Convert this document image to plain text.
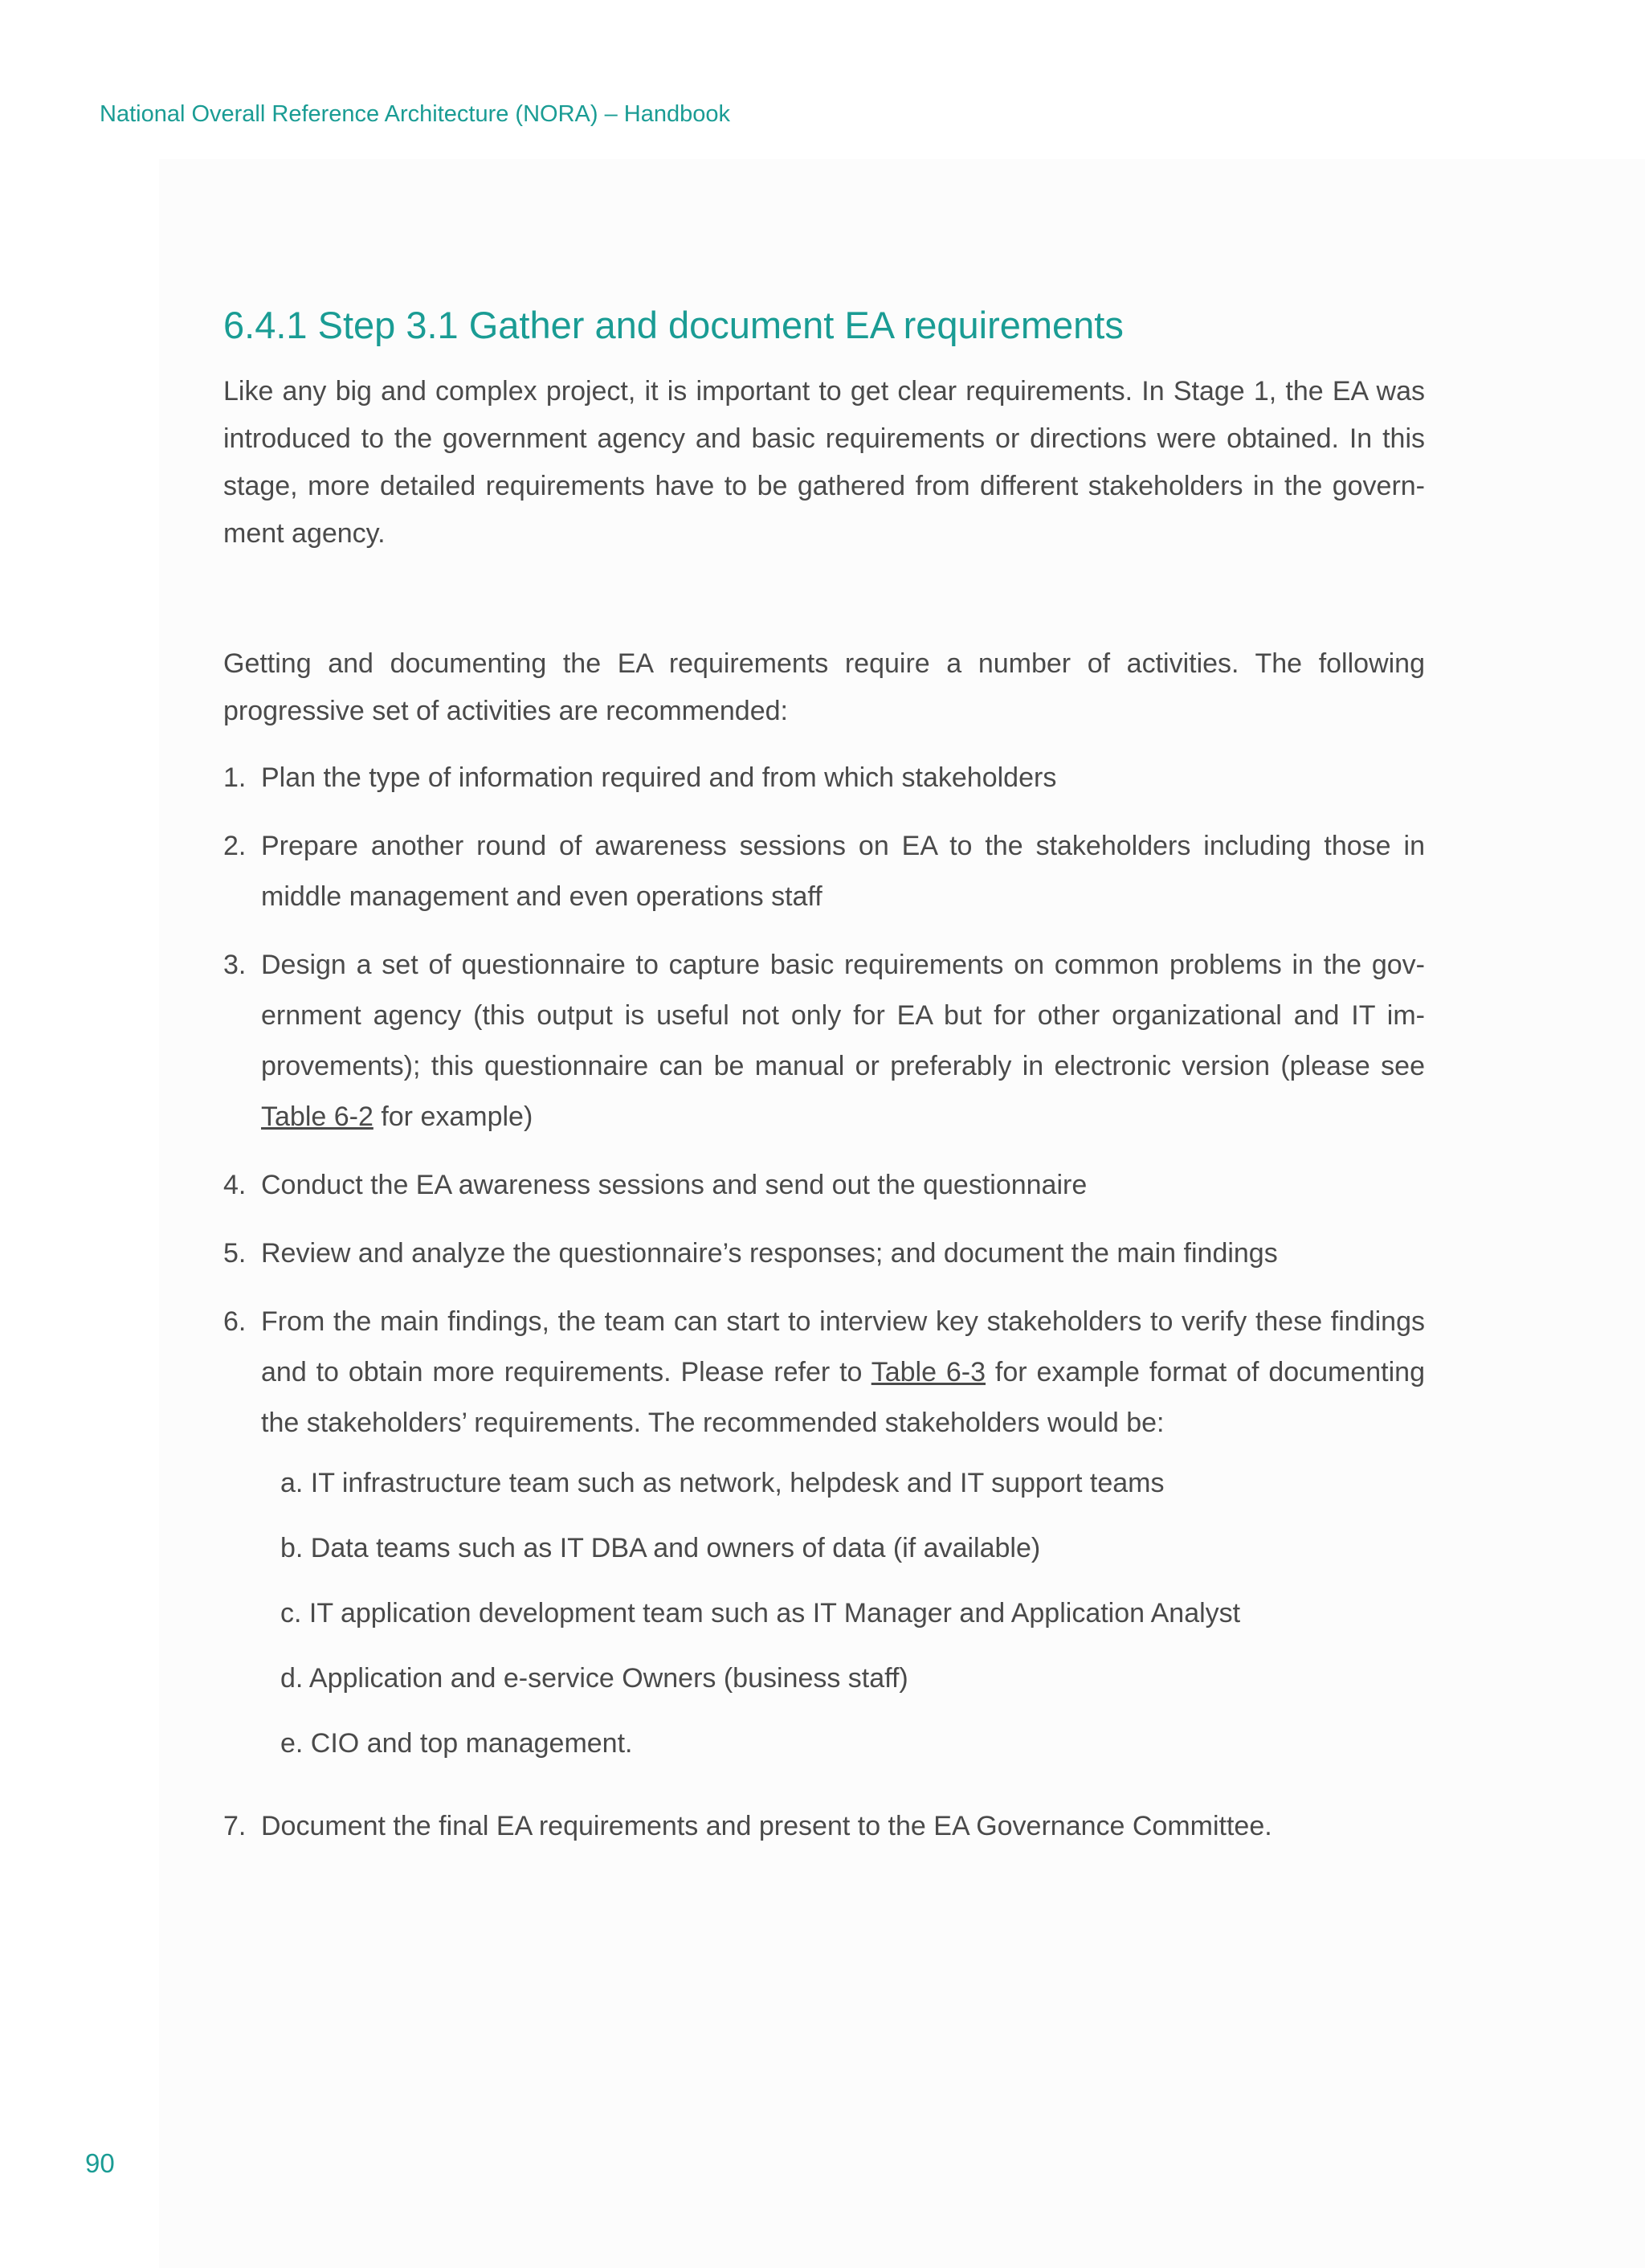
National Overall Reference Architecture (NORA) – Handbook
6.4.1 Step 3.1 Gather and document EA requirements

Like any big and complex project, it is important to get clear requirements. In Stage 1, the EA was introduced to the government agency and basic requirements or directions were obtained. In this stage, more detailed requirements have to be gathered from different stakeholders in the govern-ment agency.

Getting and documenting the EA requirements require a number of activities. The following progressive set of activities are recommended:

1. Plan the type of information required and from which stakeholders
2. Prepare another round of awareness sessions on EA to the stakeholders including those in middle management and even operations staff
3. Design a set of questionnaire to capture basic requirements on common problems in the gov-ernment agency (this output is useful not only for EA but for other organizational and IT im-provements); this questionnaire can be manual or preferably in electronic version (please see Table 6-2 for example)
4. Conduct the EA awareness sessions and send out the questionnaire
5. Review and analyze the questionnaire’s responses; and document the main findings
6. From the main findings, the team can start to interview key stakeholders to verify these findings and to obtain more requirements. Please refer to Table 6-3 for example format of documenting the stakeholders’ requirements. The recommended stakeholders would be:
a. IT infrastructure team such as network, helpdesk and IT support teams
b. Data teams such as IT DBA and owners of data (if available)
c. IT application development team such as IT Manager and Application Analyst
d. Application and e-service Owners (business staff)
e. CIO and top management.
7. Document the final EA requirements and present to the EA Governance Committee.
90
